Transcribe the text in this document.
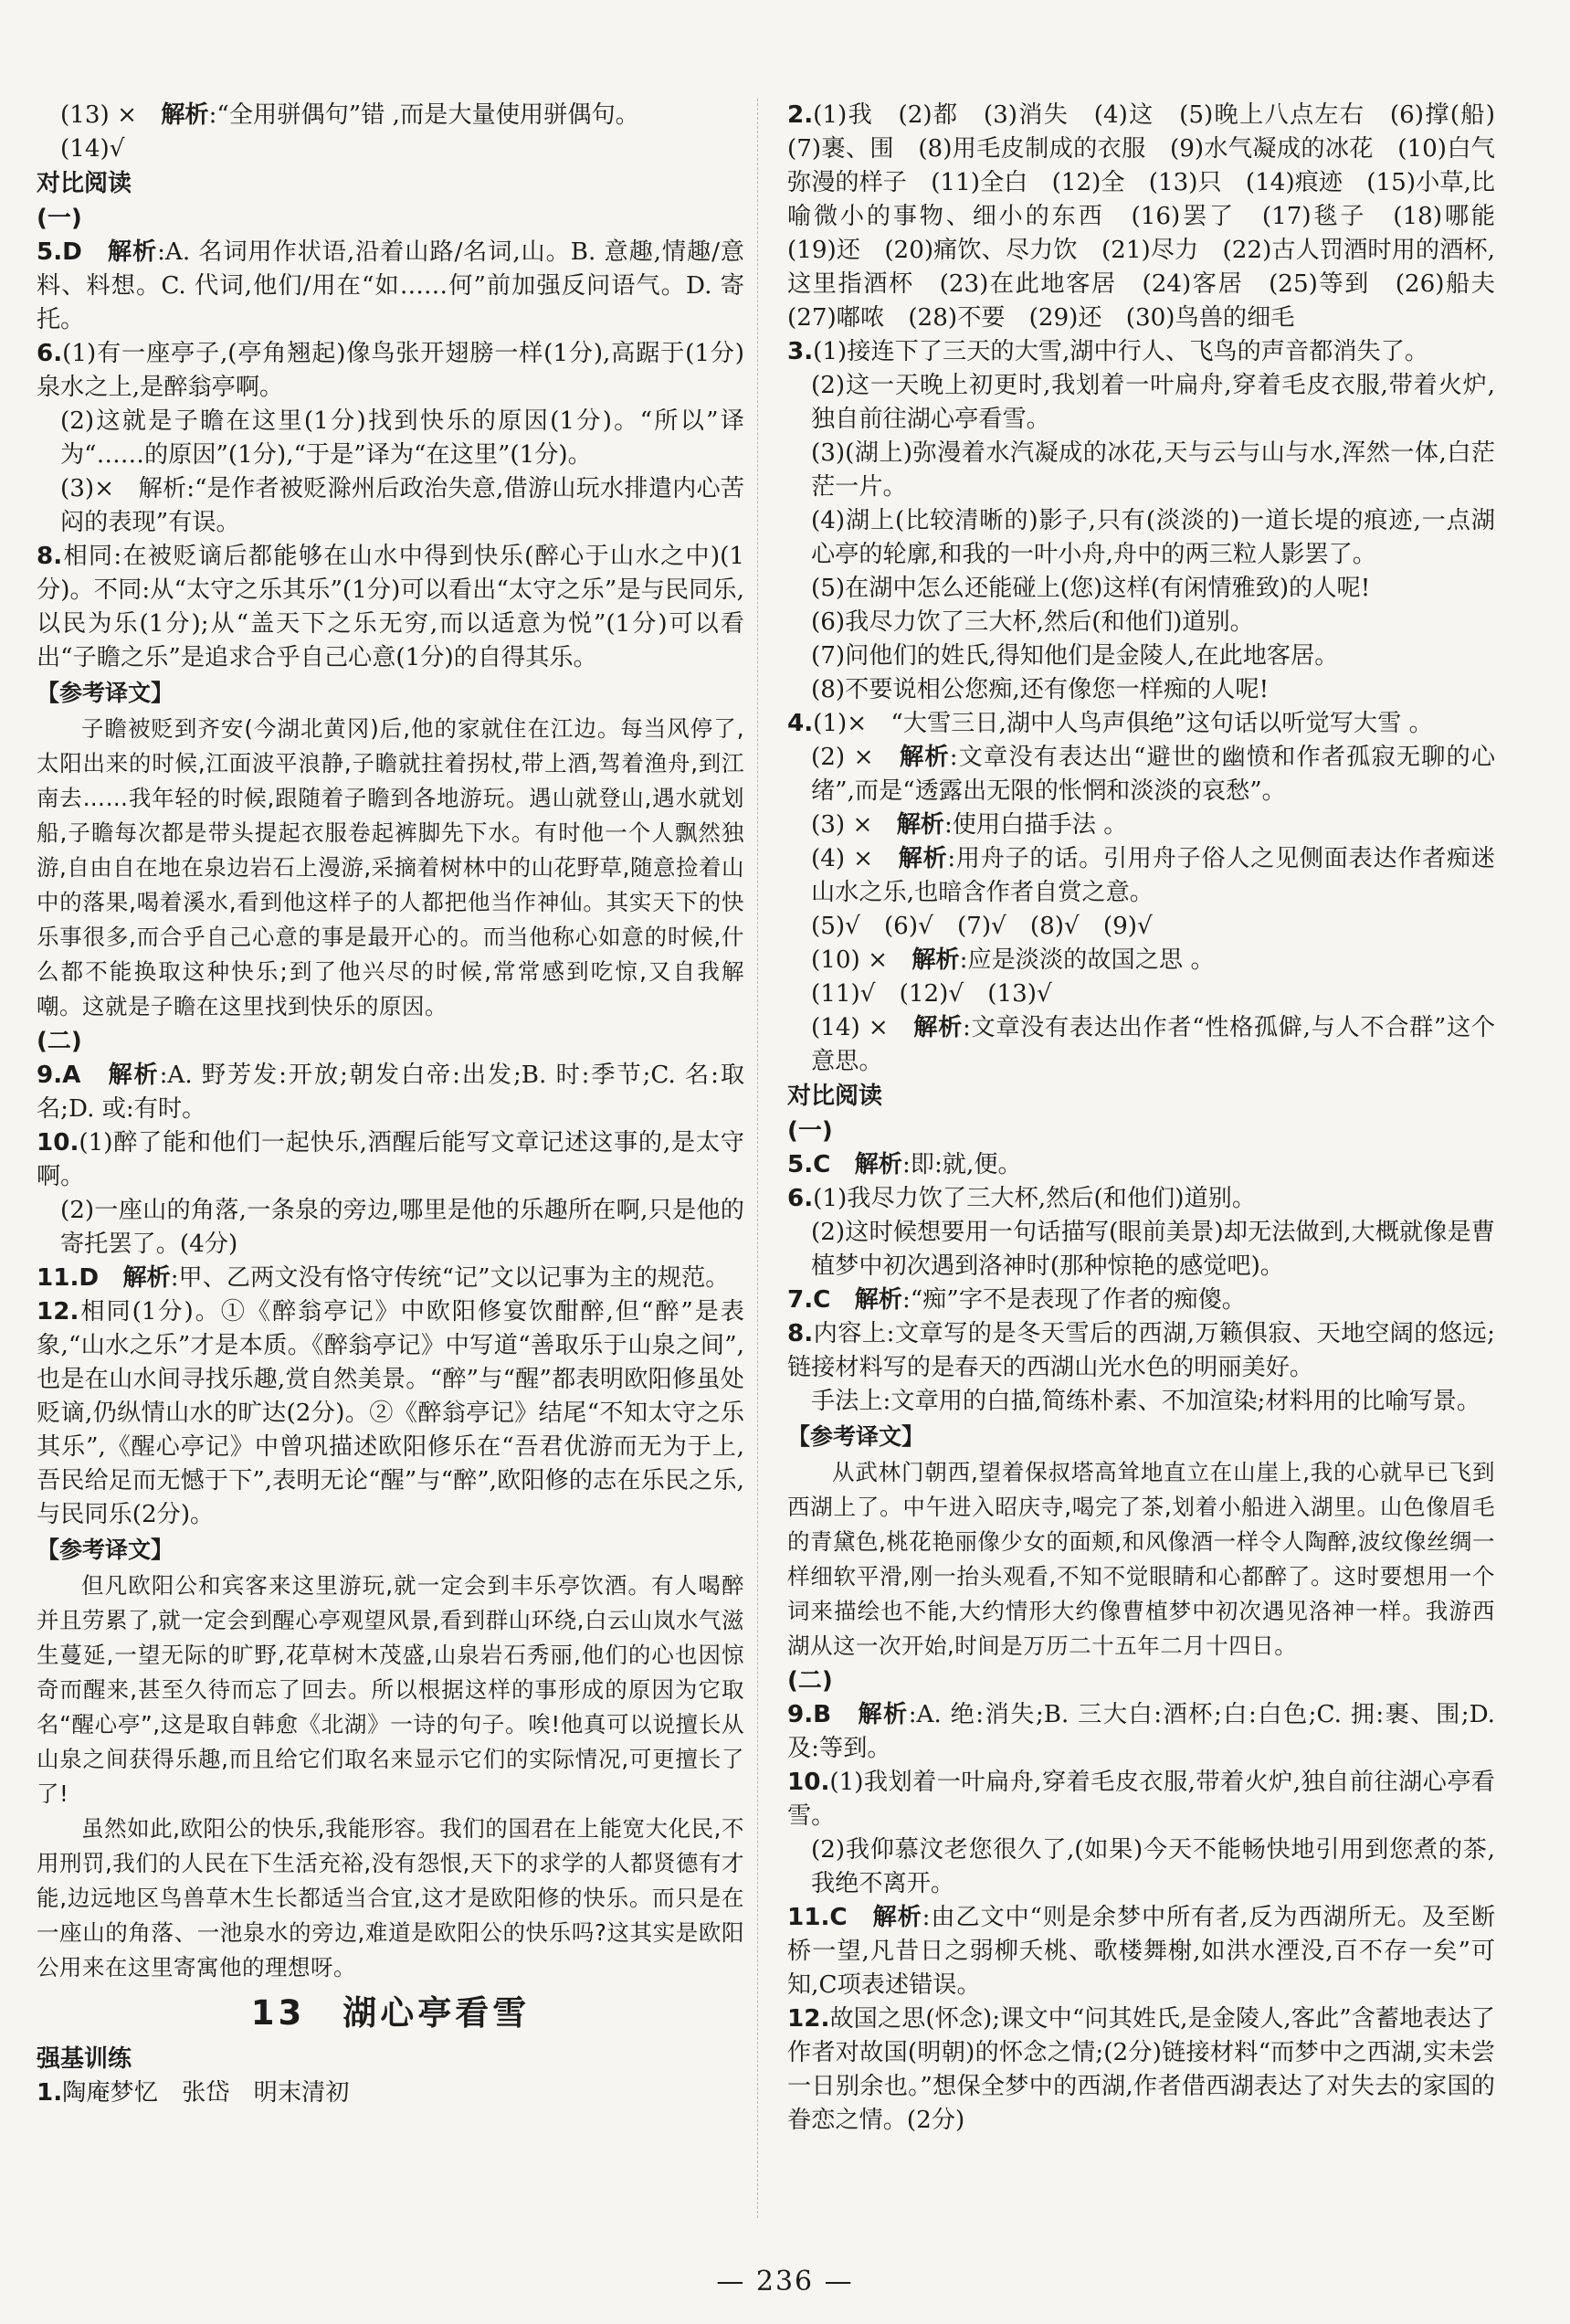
(13) ×　 解析:“全用骈偶句”错 ,而是大量使用骈偶句。
(14)√
对比阅读
(一)
5.D　 解析:A. 名词用作状语,沿着山路/名词,山。B. 意趣,情趣/意料、料想。C. 代词,他们/用在“如……何”前加强反问语气。D. 寄托。
6.(1)有一座亭子,(亭角翘起)像鸟张开翅膀一样(1分),高踞于(1分)泉水之上,是醉翁亭啊。
(2)这就是子瞻在这里(1分)找到快乐的原因(1分)。“所以”译为“……的原因”(1分),“于是”译为“在这里”(1分)。
(3)×　解析:“是作者被贬滁州后政治失意,借游山玩水排遣内心苦闷的表现”有误。
8.相同:在被贬谪后都能够在山水中得到快乐(醉心于山水之中)(1分)。不同:从“太守之乐其乐”(1分)可以看出“太守之乐”是与民同乐,以民为乐(1分);从“盖天下之乐无穷,而以适意为悦”(1分)可以看出“子瞻之乐”是追求合乎自己心意(1分)的自得其乐。
【参考译文】
子瞻被贬到齐安(今湖北黄冈)后,他的家就住在江边。每当风停了,太阳出来的时候,江面波平浪静,子瞻就拄着拐杖,带上酒,驾着渔舟,到江南去……我年轻的时候,跟随着子瞻到各地游玩。遇山就登山,遇水就划船,子瞻每次都是带头提起衣服卷起裤脚先下水。有时他一个人飘然独游,自由自在地在泉边岩石上漫游,采摘着树林中的山花野草,随意捡着山中的落果,喝着溪水,看到他这样子的人都把他当作神仙。其实天下的快乐事很多,而合乎自己心意的事是最开心的。而当他称心如意的时候,什么都不能换取这种快乐;到了他兴尽的时候,常常感到吃惊,又自我解嘲。这就是子瞻在这里找到快乐的原因。
(二)
9.A　 解析:A. 野芳发:开放;朝发白帝:出发;B. 时:季节;C. 名:取名;D. 或:有时。
10.(1)醉了能和他们一起快乐,酒醒后能写文章记述这事的,是太守啊。
(2)一座山的角落,一条泉的旁边,哪里是他的乐趣所在啊,只是他的寄托罢了。(4分)
11.D　 解析:甲、乙两文没有恪守传统“记”文以记事为主的规范。
12.相同(1分)。①《醉翁亭记》中欧阳修宴饮酣醉,但“醉”是表象,“山水之乐”才是本质。《醉翁亭记》中写道“善取乐于山泉之间”,也是在山水间寻找乐趣,赏自然美景。“醉”与“醒”都表明欧阳修虽处贬谪,仍纵情山水的旷达(2分)。②《醉翁亭记》结尾“不知太守之乐其乐”,《醒心亭记》中曾巩描述欧阳修乐在“吾君优游而无为于上,吾民给足而无憾于下”,表明无论“醒”与“醉”,欧阳修的志在乐民之乐,与民同乐(2分)。
【参考译文】
但凡欧阳公和宾客来这里游玩,就一定会到丰乐亭饮酒。有人喝醉并且劳累了,就一定会到醒心亭观望风景,看到群山环绕,白云山岚水气滋生蔓延,一望无际的旷野,花草树木茂盛,山泉岩石秀丽,他们的心也因惊奇而醒来,甚至久待而忘了回去。所以根据这样的事形成的原因为它取名“醒心亭”,这是取自韩愈《北湖》一诗的句子。唉!他真可以说擅长从山泉之间获得乐趣,而且给它们取名来显示它们的实际情况,可更擅长了了!
虽然如此,欧阳公的快乐,我能形容。我们的国君在上能宽大化民,不用刑罚,我们的人民在下生活充裕,没有怨恨,天下的求学的人都贤德有才能,边远地区鸟兽草木生长都适当合宜,这才是欧阳修的快乐。而只是在一座山的角落、一池泉水的旁边,难道是欧阳公的快乐吗?这其实是欧阳公用来在这里寄寓他的理想呀。
13　 湖心亭看雪
强基训练
1.陶庵梦忆　张岱　明末清初
2.(1)我　(2)都　(3)消失　(4)这　(5)晚上八点左右　(6)撑(船)　(7)裹、围　(8)用毛皮制成的衣服　(9)水气凝成的冰花　(10)白气弥漫的样子　(11)全白　(12)全　(13)只　(14)痕迹　(15)小草,比喻微小的事物、细小的东西　(16)罢了　(17)毯子　(18)哪能　(19)还　(20)痛饮、尽力饮　(21)尽力　(22)古人罚酒时用的酒杯,这里指酒杯　(23)在此地客居　(24)客居　(25)等到　(26)船夫　(27)嘟哝　(28)不要　(29)还　(30)鸟兽的细毛
3.(1)接连下了三天的大雪,湖中行人、飞鸟的声音都消失了。
(2)这一天晚上初更时,我划着一叶扁舟,穿着毛皮衣服,带着火炉,独自前往湖心亭看雪。
(3)(湖上)弥漫着水汽凝成的冰花,天与云与山与水,浑然一体,白茫茫一片。
(4)湖上(比较清晰的)影子,只有(淡淡的)一道长堤的痕迹,一点湖心亭的轮廓,和我的一叶小舟,舟中的两三粒人影罢了。
(5)在湖中怎么还能碰上(您)这样(有闲情雅致)的人呢!
(6)我尽力饮了三大杯,然后(和他们)道别。
(7)问他们的姓氏,得知他们是金陵人,在此地客居。
(8)不要说相公您痴,还有像您一样痴的人呢!
4.(1)×　 “大雪三日,湖中人鸟声俱绝”这句话以听觉写大雪 。
(2) ×　 解析:文章没有表达出“避世的幽愤和作者孤寂无聊的心绪”,而是“透露出无限的怅惘和淡淡的哀愁”。
(3) ×　 解析:使用白描手法 。
(4) ×　 解析:用舟子的话。引用舟子俗人之见侧面表达作者痴迷山水之乐,也暗含作者自赏之意。
(5)√　(6)√　(7)√　(8)√　(9)√
(10) ×　 解析:应是淡淡的故国之思 。
(11)√　(12)√　(13)√
(14) ×　 解析:文章没有表达出作者“性格孤僻,与人不合群”这个意思。
对比阅读
(一)
5.C　 解析:即:就,便。
6.(1)我尽力饮了三大杯,然后(和他们)道别。
(2)这时候想要用一句话描写(眼前美景)却无法做到,大概就像是曹植梦中初次遇到洛神时(那种惊艳的感觉吧)。
7.C　 解析:“痴”字不是表现了作者的痴傻。
8.内容上:文章写的是冬天雪后的西湖,万籁俱寂、天地空阔的悠远;链接材料写的是春天的西湖山光水色的明丽美好。
手法上:文章用的白描,简练朴素、不加渲染;材料用的比喻写景。
【参考译文】
从武林门朝西,望着保叔塔高耸地直立在山崖上,我的心就早已飞到西湖上了。中午进入昭庆寺,喝完了茶,划着小船进入湖里。山色像眉毛的青黛色,桃花艳丽像少女的面颊,和风像酒一样令人陶醉,波纹像丝绸一样细软平滑,刚一抬头观看,不知不觉眼睛和心都醉了。这时要想用一个词来描绘也不能,大约情形大约像曹植梦中初次遇见洛神一样。我游西湖从这一次开始,时间是万历二十五年二月十四日。
(二)
9.B　 解析:A. 绝:消失;B. 三大白:酒杯;白:白色;C. 拥:裹、围;D. 及:等到。
10.(1)我划着一叶扁舟,穿着毛皮衣服,带着火炉,独自前往湖心亭看雪。
(2)我仰慕汶老您很久了,(如果)今天不能畅快地引用到您煮的茶,我绝不离开。
11.C　 解析:由乙文中“则是余梦中所有者,反为西湖所无。及至断桥一望,凡昔日之弱柳夭桃、歌楼舞榭,如洪水湮没,百不存一矣”可知,C项表述错误。
12.故国之思(怀念);课文中“问其姓氏,是金陵人,客此”含蓄地表达了作者对故国(明朝)的怀念之情;(2分)链接材料“而梦中之西湖,实未尝一日别余也。”想保全梦中的西湖,作者借西湖表达了对失去的家国的眷恋之情。(2分)
— 236 —
